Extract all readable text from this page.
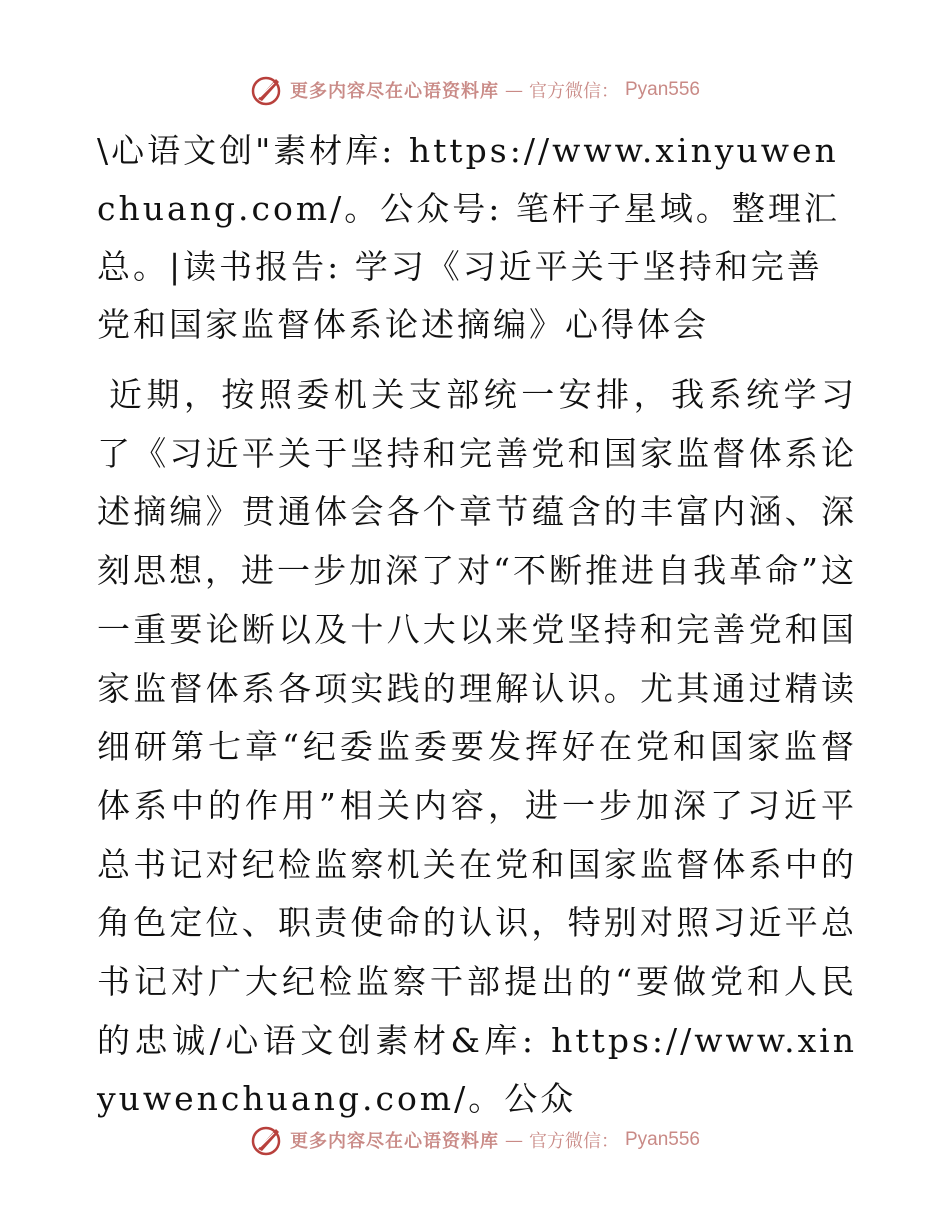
更多内容尽在心语资料库 — 官方微信： Pyan556

\心语文创"素材库: https://www.xinyuwenchuang.com/。公众号: 笔杆子星域。整理汇总。|读书报告: 学习《习近平关于坚持和完善党和国家监督体系论述摘编》心得体会

近期，按照委机关支部统一安排，我系统学习了《习近平关于坚持和完善党和国家监督体系论述摘编》贯通体会各个章节蕴含的丰富内涵、深刻思想，进一步加深了对“不断推进自我革命”这一重要论断以及十八大以来党坚持和完善党和国家监督体系各项实践的理解认识。尤其通过精读细研第七章“纪委监委要发挥好在党和国家监督体系中的作用”相关内容，进一步加深了习近平总书记对纪检监察机关在党和国家监督体系中的角色定位、职责使命的认识，特别对照习近平总书记对广大纪检监察干部提出的“要做党和人民的忠诚/心语文创素材&库: https://www.xinyuwenchuang.com/。公众

更多内容尽在心语资料库 — 官方微信： Pyan556
